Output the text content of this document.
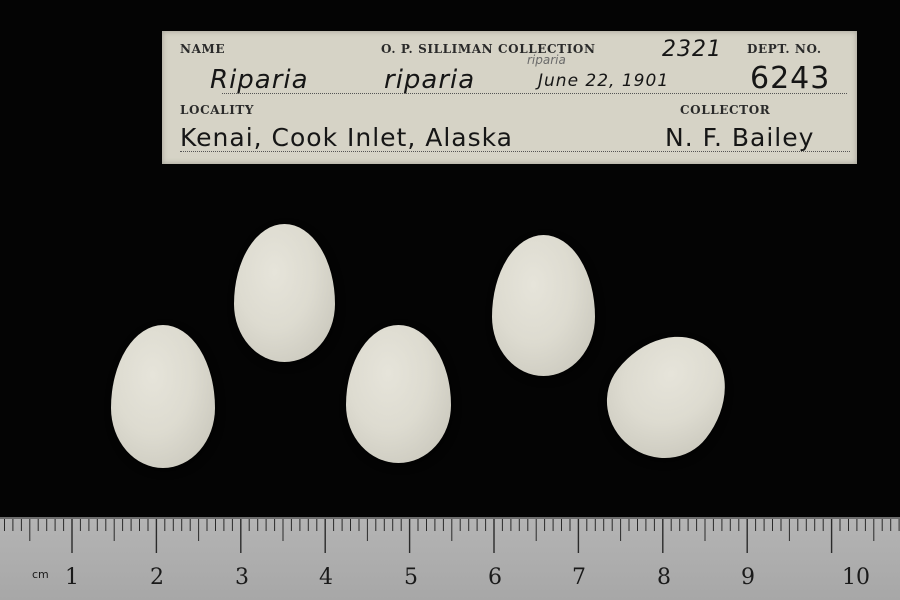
NAME	O. P. SILLIMAN COLLECTION	DEPT. NO.
2321
riparia
Riparia	riparia	June 22, 1901	6243
LOCALITY	COLLECTOR
Kenai, Cook Inlet, Alaska	N. F. Bailey
cm 1	2	3	4	5	6	7	8	9	10
